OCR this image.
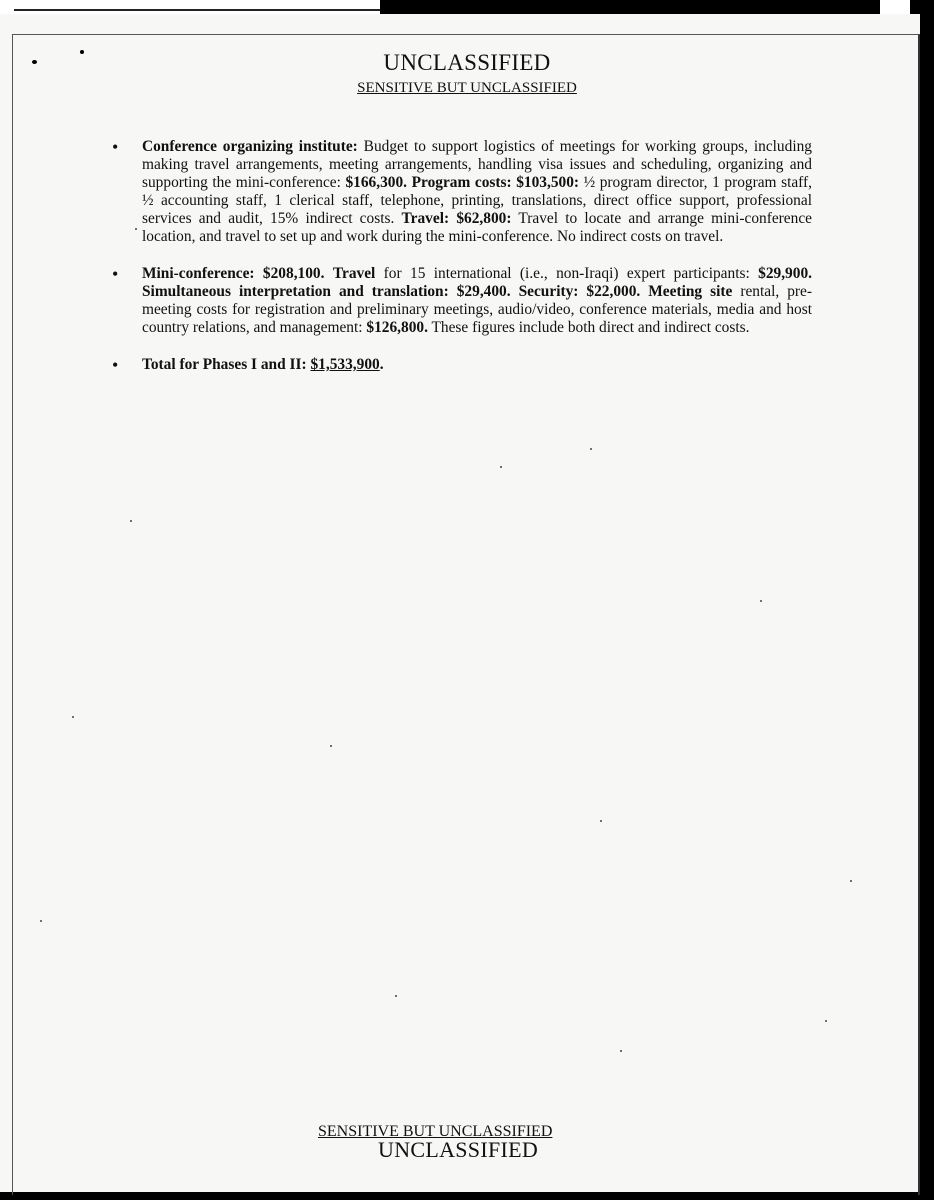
UNCLASSIFIED
SENSITIVE BUT UNCLASSIFIED
• Conference organizing institute: Budget to support logistics of meetings for working groups, including making travel arrangements, meeting arrangements, handling visa issues and scheduling, organizing and supporting the mini-conference: $166,300. Program costs: $103,500: ½ program director, 1 program staff, ½ accounting staff, 1 clerical staff, telephone, printing, translations, direct office support, professional services and audit, 15% indirect costs. Travel: $62,800: Travel to locate and arrange mini-conference location, and travel to set up and work during the mini-conference. No indirect costs on travel.
• Mini-conference: $208,100. Travel for 15 international (i.e., non-Iraqi) expert participants: $29,900. Simultaneous interpretation and translation: $29,400. Security: $22,000. Meeting site rental, pre-meeting costs for registration and preliminary meetings, audio/video, conference materials, media and host country relations, and management: $126,800. These figures include both direct and indirect costs.
• Total for Phases I and II: $1,533,900.
SENSITIVE BUT UNCLASSIFIED
UNCLASSIFIED
